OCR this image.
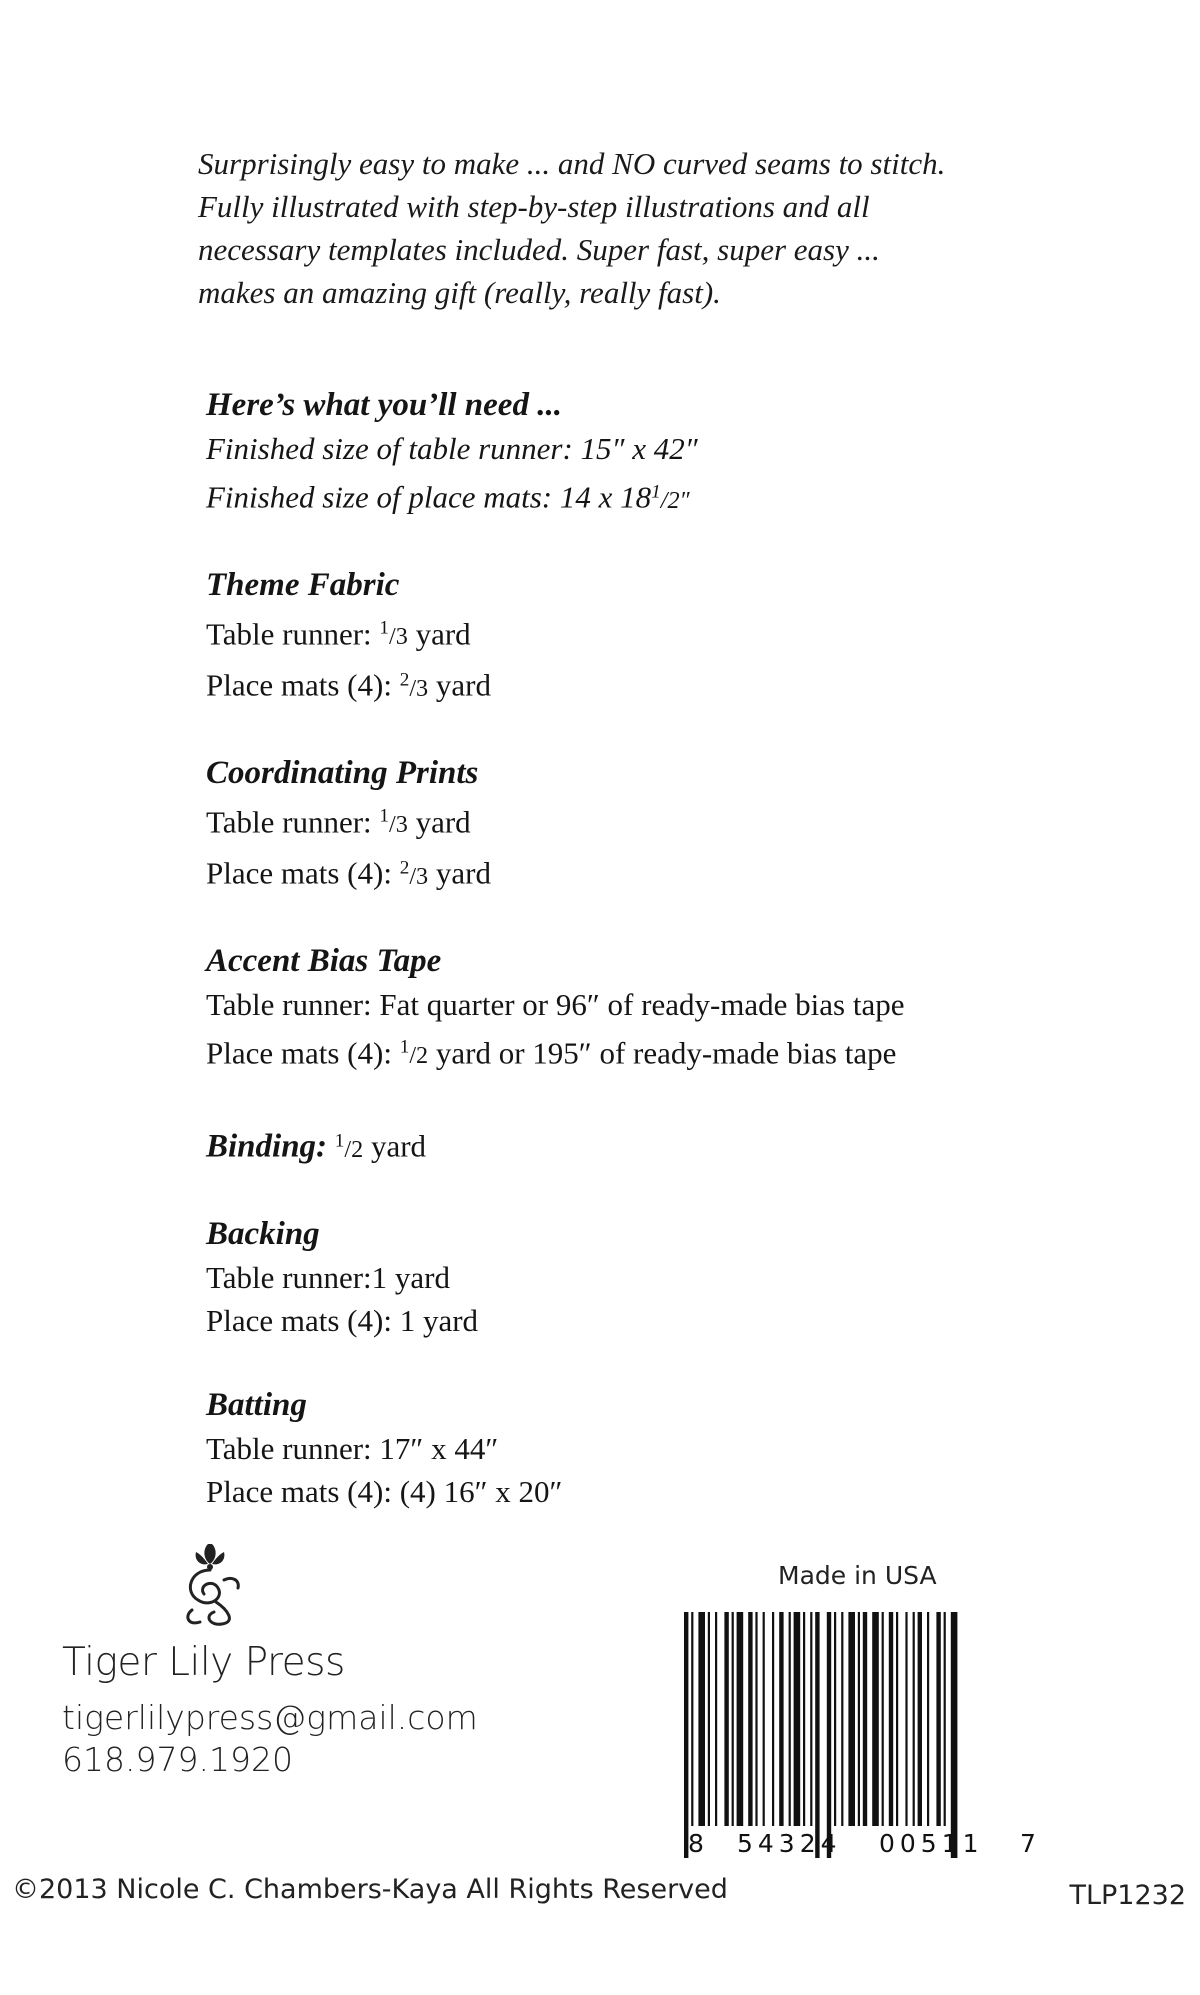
Surprisingly easy to make ... and NO curved seams to stitch.
Fully illustrated with step-by-step illustrations and all
necessary templates included. Super fast, super easy ...
makes an amazing gift (really, really fast).
Here’s what you’ll need ...
Finished size of table runner: 15″ x 42″
Finished size of place mats: 14 x $18^1/2''$
Theme Fabric
Table runner: $^1$/3 yard
Place mats (4): $^2$/3 yard
Coordinating Prints
Table runner: $^1$/3 yard
Place mats (4): $^2$/3 yard
Accent Bias Tape
Table runner: Fat quarter or 96″ of ready-made bias tape
Place mats (4): $^1$/2 yard or 195″ of ready-made bias tape
Binding: $^1$/2 yard
Backing
Table runner:1 yard
Place mats (4): 1 yard
Batting
Table runner: 17″ x 44″
Place mats (4): (4) 16″ x 20″
Tiger Lily Press
tigerlilypress@gmail.com
618.979.1920
Made in USA
8 54324 00511 7
©2013 Nicole C. Chambers-Kaya All Rights Reserved	TLP1232
